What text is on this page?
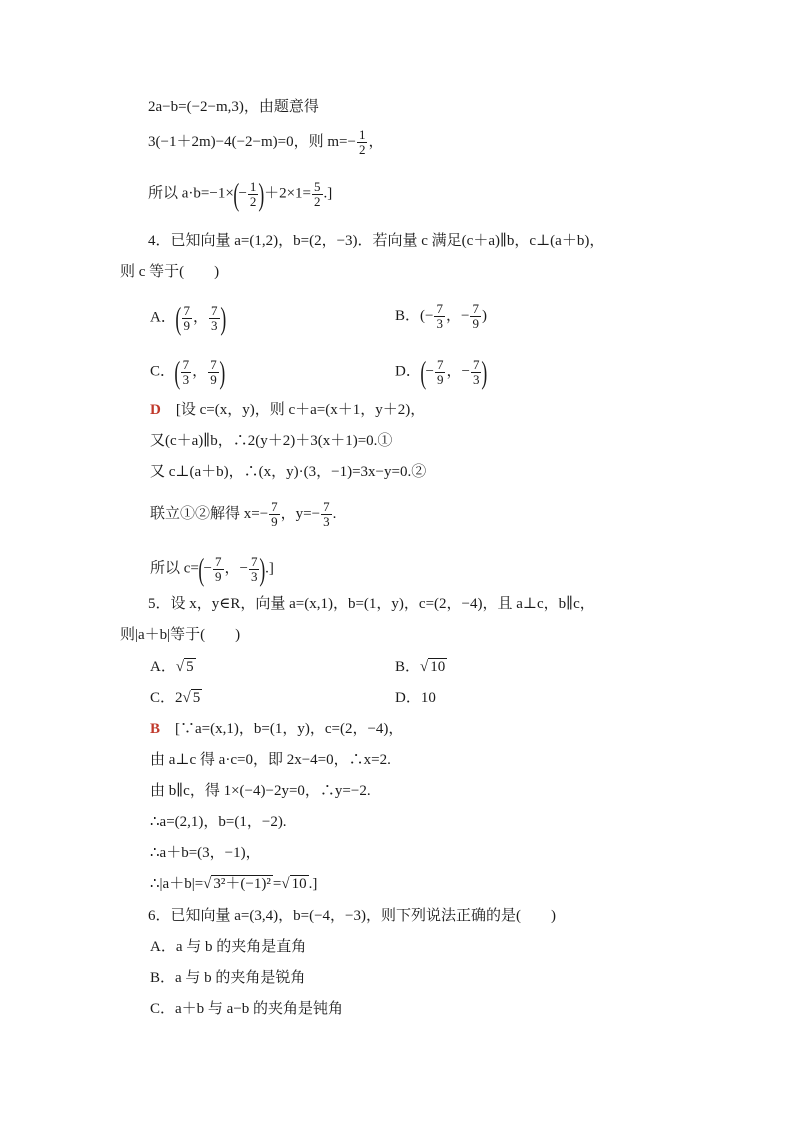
2a−b=(−2−m,3)，由题意得
3(−1＋2m)−4(−2−m)=0，则 $m=- \frac{1}{2}$ ，
所以 $a\cdot b=-1\times(- \frac{1}{2} )+2\times 1= \frac{5}{2}$ .]
4．已知向量 a=(1,2)，b=(2，−3)．若向量 c 满足(c＋a)∥b，c⊥(a＋b)，
则 c 等于(　　)
A．( $\frac{7}{9}$ ， $\frac{7}{3}$ )	B．(− $\frac{7}{3}$ ，− $\frac{7}{9}$ )
C．( $\frac{7}{3}$ ， $\frac{7}{9}$ )	D．(− $\frac{7}{9}$ ，− $\frac{7}{3}$ )
D　 [设 c=(x，y)，则 c＋a=(x＋1，y＋2)，
又(c＋a)∥b，∴2(y＋2)＋3(x＋1)=0.①
又 c⊥(a＋b)，∴(x，y)·(3，−1)=3x−y=0.②
联立①②解得 $x=- \frac{7}{9}$ ，$y=- \frac{7}{3}$ .
所以 $c=(- \frac{7}{9}$ ，− $\frac{7}{3}$ ).]
5．设 x，y∈R，向量 a=(x,1)，b=(1，y)，c=(2，−4)，且 a⊥c，b∥c，
则|a＋b|等于(　　)
A．√ 5	B．√ 10
C．2√ 5	D．10
B　 [∵a=(x,1)，b=(1，y)，c=(2，−4)，
由 a⊥c 得 a·c=0，即 2x−4=0，∴x=2.
由 b∥c，得 1×(−4)−2y=0，∴y=−2.
∴a=(2,1)，b=(1，−2).
∴a＋b=(3，−1)，
∴|a＋b|=√ 3²＋(−1)² =√ 10 .]
6．已知向量 a=(3,4)，b=(−4，−3)，则下列说法正确的是(　　)
A．a 与 b 的夹角是直角
B．a 与 b 的夹角是锐角
C．a＋b 与 a−b 的夹角是钝角
